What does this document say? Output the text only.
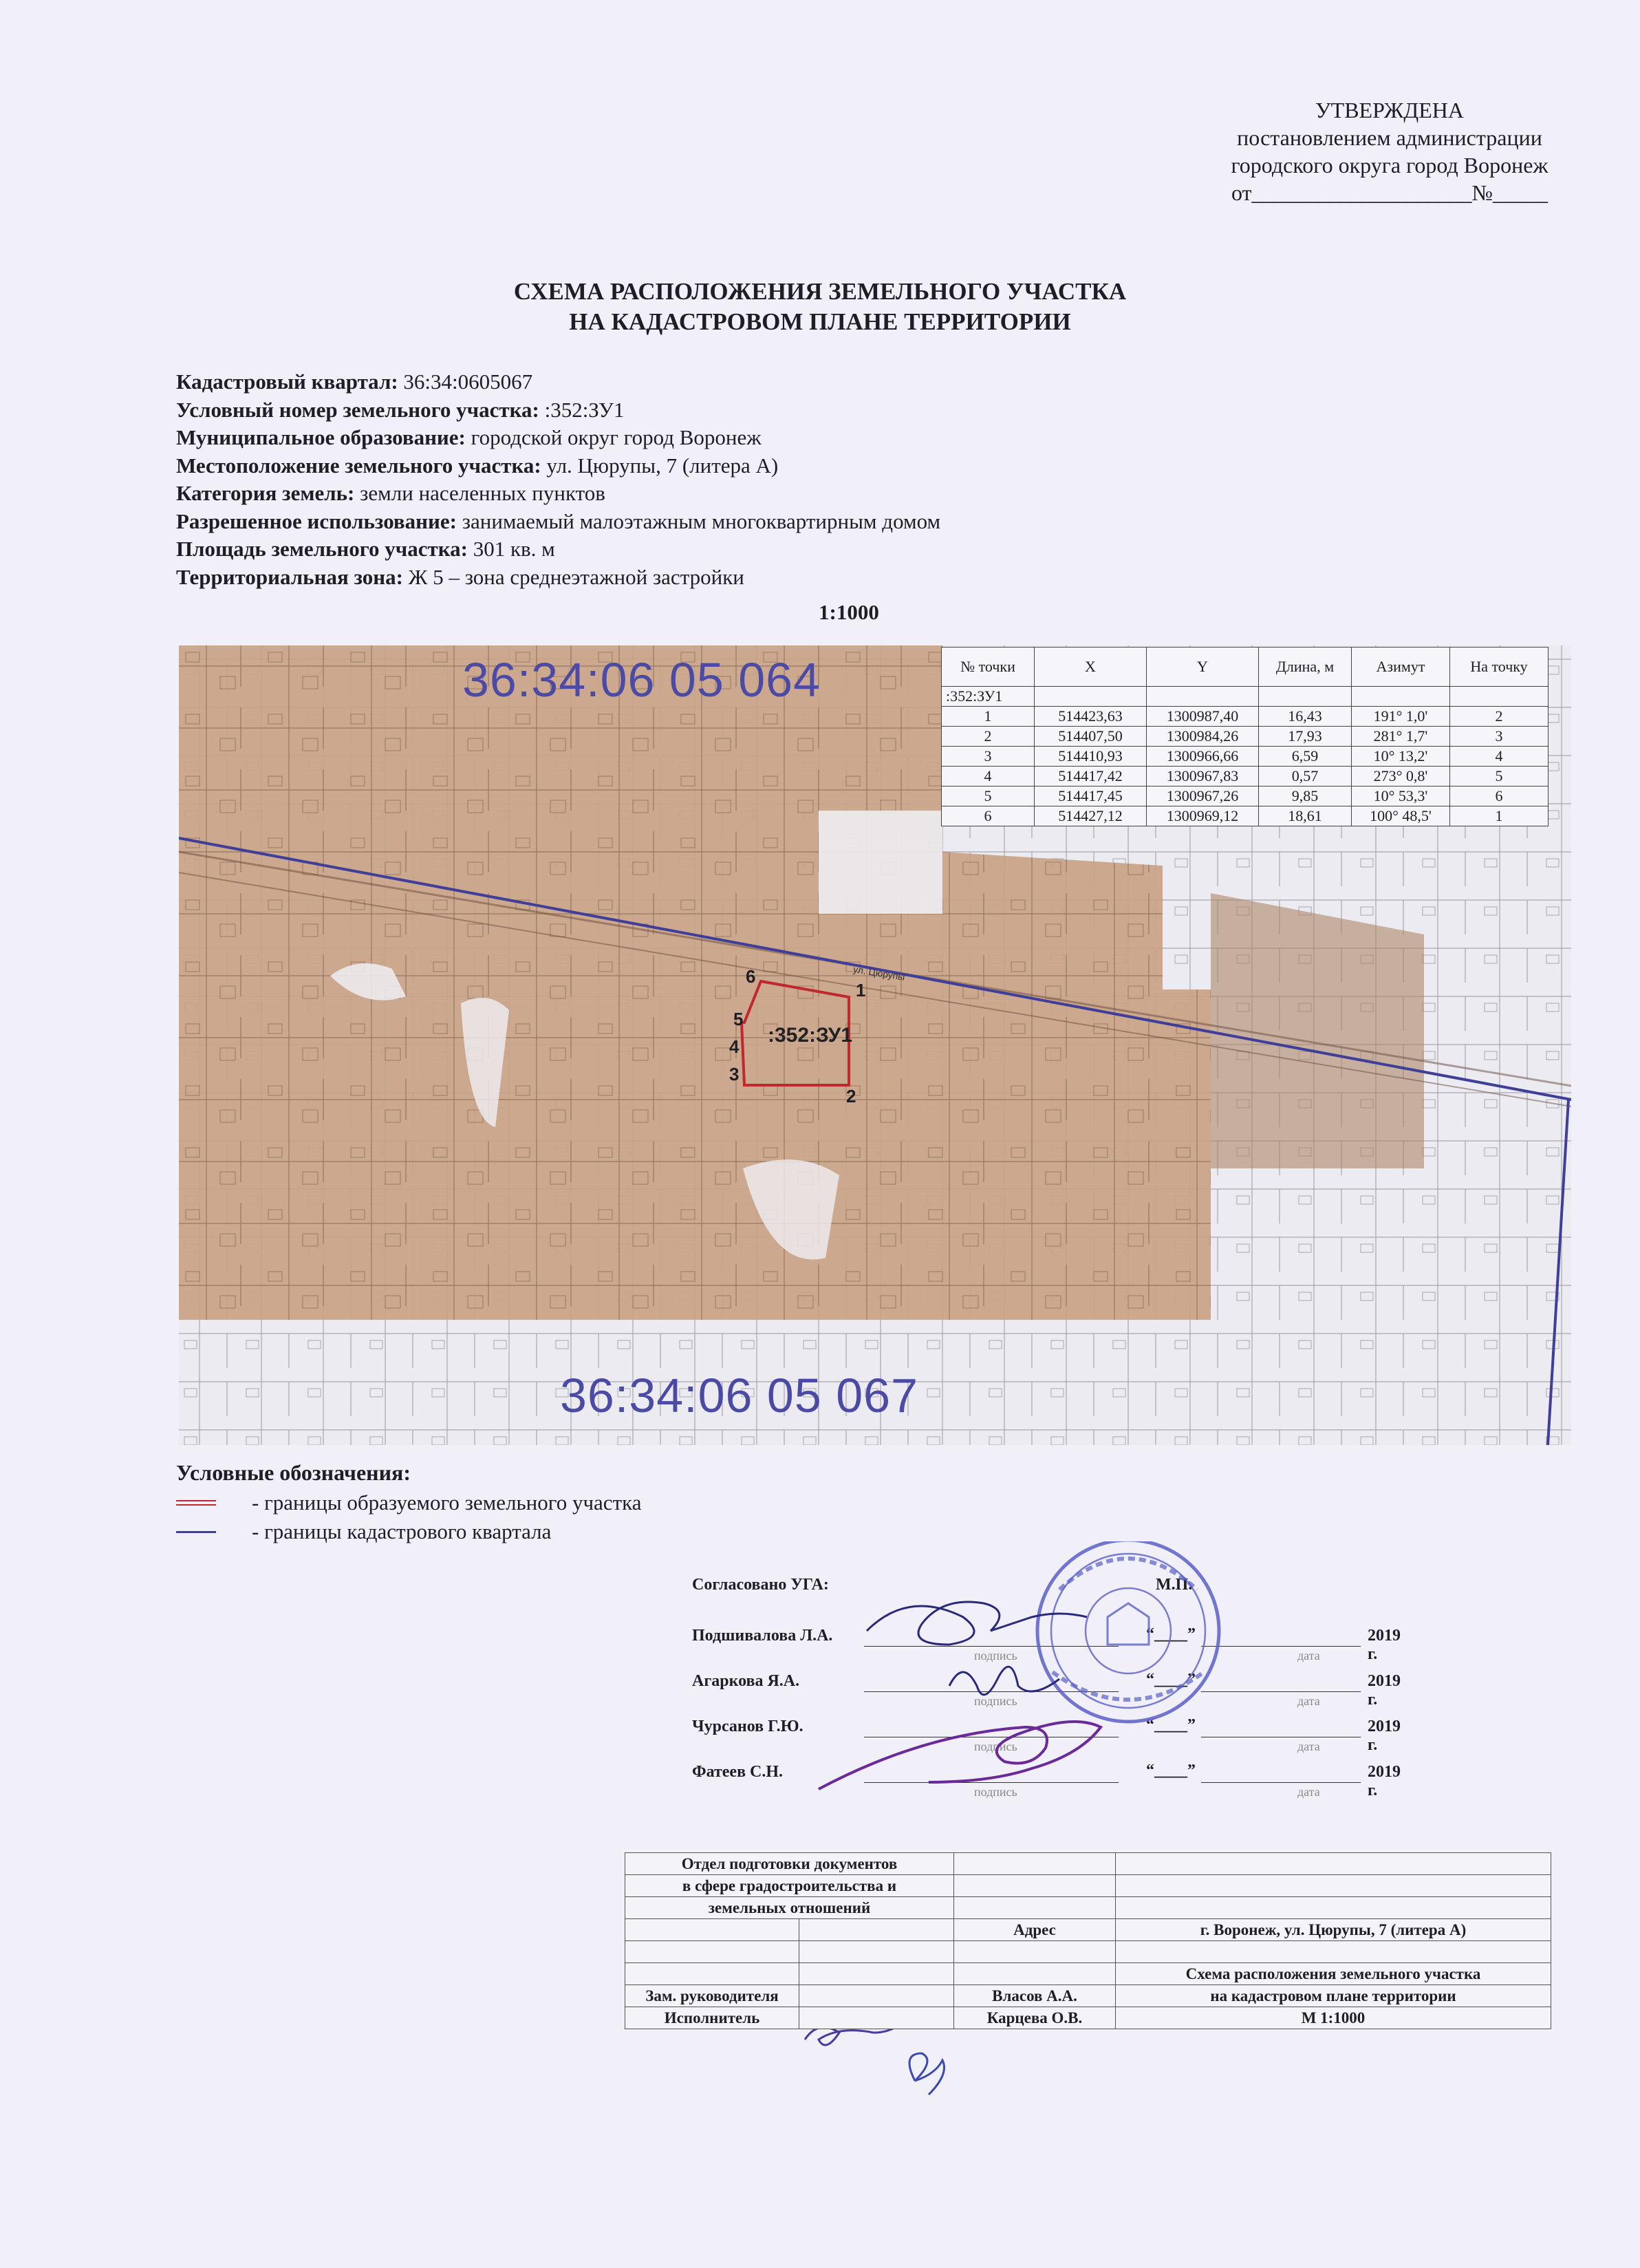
УТВЕРЖДЕНА
постановлением администрации
городского округа город Воронеж
от____________________№_____
СХЕМА РАСПОЛОЖЕНИЯ ЗЕМЕЛЬНОГО УЧАСТКА
НА КАДАСТРОВОМ ПЛАНЕ ТЕРРИТОРИИ
Кадастровый квартал: 36:34:0605067
Условный номер земельного участка: :352:ЗУ1
Муниципальное образование: городской округ город Воронеж
Местоположение земельного участка: ул. Цюрупы, 7 (литера А)
Категория земель: земли населенных пунктов
Разрешенное использование: занимаемый малоэтажным многоквартирным домом
Площадь земельного участка: 301 кв. м
Территориальная зона: Ж 5 – зона среднеэтажной застройки
1:1000
36:34:06 05 064
36:34:06 05 067
:352:ЗУ1
1
2
3
4
5
6	ул. Цюрупы
№ точки	X	Y	Длина, м	Азимут	На точку
:352:ЗУ1					
1	514423,63	1300987,40	16,43	191° 1,0'	2
2	514407,50	1300984,26	17,93	281° 1,7'	3
3	514410,93	1300966,66	6,59	10° 13,2'	4
4	514417,42	1300967,83	0,57	273° 0,8'	5
5	514417,45	1300967,26	9,85	10° 53,3'	6
6	514427,12	1300969,12	18,61	100° 48,5'	1
Условные обозначения:
- границы образуемого земельного участка
- границы кадастрового квартала
Согласовано УГА:	М.П.
Подшивалова Л.А.
подпись
“____”
дата
2019 г.
Агаркова Я.А.
подпись
“____”
дата
2019 г.
Чурсанов Г.Ю.
подпись
“____”
дата
2019 г.
Фатеев С.Н.
подпись
“____”
дата
2019 г.
Отдел подготовки документов			
в сфере градостроительства и			
земельных отношений			
		Адрес	г. Воронеж, ул. Цюрупы, 7 (литера А)

			Схема расположения земельного участка
Зам. руководителя		Власов А.А.	на кадастровом плане территории
Исполнитель		Карцева О.В.	М 1:1000
